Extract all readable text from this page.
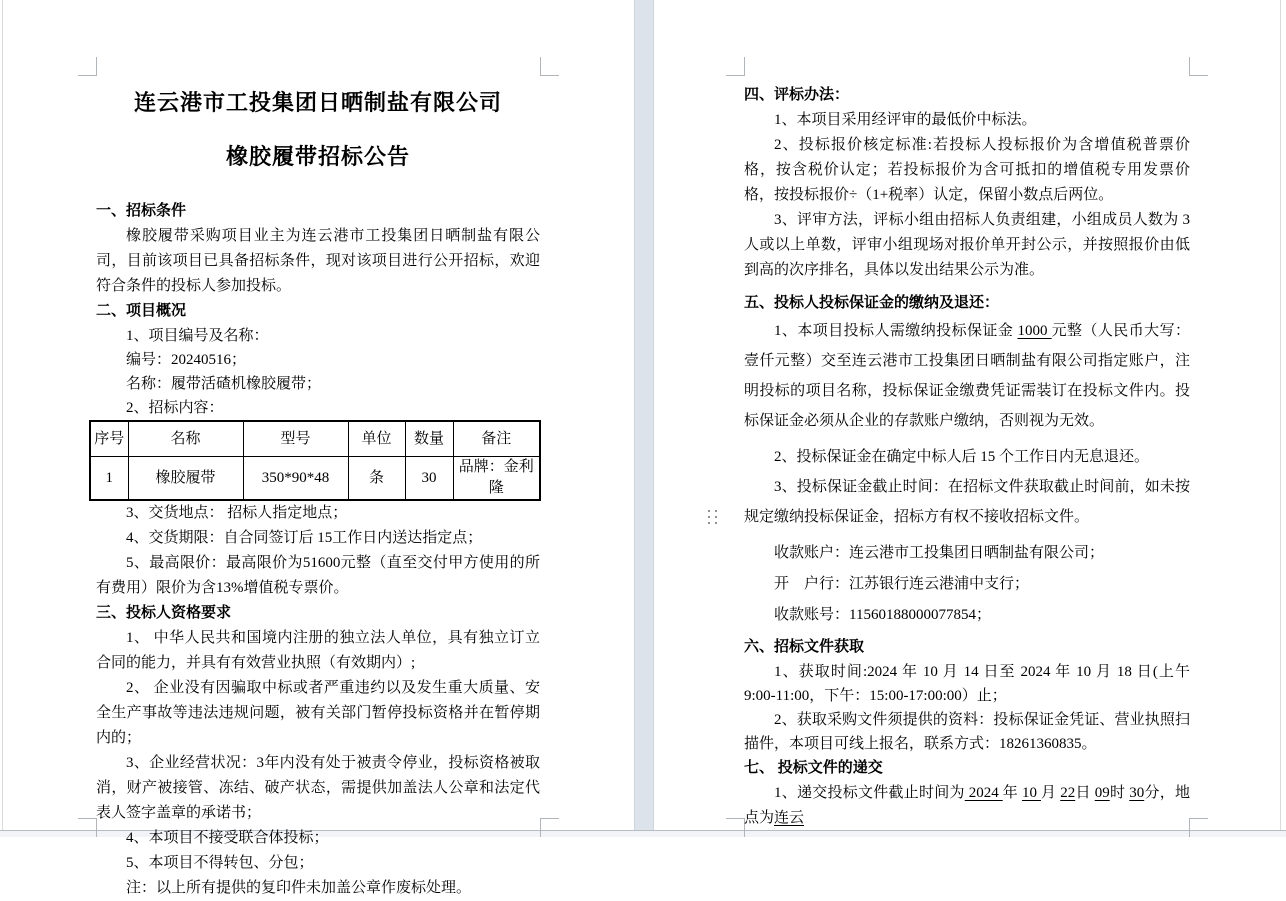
连云港市工投集团日晒制盐有限公司
橡胶履带招标公告

一、招标条件

橡胶履带采购项目业主为连云港市工投集团日晒制盐有限公司，目前该项目已具备招标条件，现对该项目进行公开招标，欢迎符合条件的投标人参加投标。

二、项目概况

1、项目编号及名称：

编号：20240516；

名称：履带活碴机橡胶履带；

2、招标内容：

序号	名称	型号	单位	数量	备注
1	橡胶履带	350*90*48	条	30	品牌：金利隆

3、交货地点： 招标人指定地点；

4、交货期限：自合同签订后 15工作日内送达指定点；

5、最高限价：最高限价为51600元整（直至交付甲方使用的所有费用）限价为含13%增值税专票价。

三、投标人资格要求

1、 中华人民共和国境内注册的独立法人单位，具有独立订立合同的能力，并具有有效营业执照（有效期内）;

2、 企业没有因骗取中标或者严重违约以及发生重大质量、安全生产事故等违法违规问题，被有关部门暂停投标资格并在暂停期内的；

3、企业经营状况：3年内没有处于被责令停业，投标资格被取消，财产被接管、冻结、破产状态，需提供加盖法人公章和法定代表人签字盖章的承诺书；

4、本项目不接受联合体投标；

5、本项目不得转包、分包；

注：以上所有提供的复印件未加盖公章作废标处理。

四、评标办法：

1、本项目采用经评审的最低价中标法。

2、投标报价核定标准:若投标人投标报价为含增值税普票价格，按含税价认定；若投标报价为含可抵扣的增值税专用发票价格，按投标报价÷（1+税率）认定，保留小数点后两位。

3、评审方法，评标小组由招标人负责组建，小组成员人数为 3 人或以上单数，评审小组现场对报价单开封公示，并按照报价由低到高的次序排名，具体以发出结果公示为准。

五、投标人投标保证金的缴纳及退还：

1、本项目投标人需缴纳投标保证金 1000 元整（人民币大写：壹仟元整）交至连云港市工投集团日晒制盐有限公司指定账户，注明投标的项目名称，投标保证金缴费凭证需装订在投标文件内。投标保证金必须从企业的存款账户缴纳，否则视为无效。

2、投标保证金在确定中标人后 15 个工作日内无息退还。

3、投标保证金截止时间：在招标文件获取截止时间前，如未按规定缴纳投标保证金，招标方有权不接收招标文件。

收款账户：连云港市工投集团日晒制盐有限公司；

开　户行：江苏银行连云港浦中支行；

收款账号：11560188000077854；

六、招标文件获取

1、获取时间:2024 年 10 月 14 日至 2024 年 10 月 18 日(上午 9:00-11:00，下午：15:00-17:00:00）止；

2、获取采购文件须提供的资料：投标保证金凭证、营业执照扫描件，本项目可线上报名，联系方式：18261360835。

七、 投标文件的递交

1、递交投标文件截止时间为 2024 年 10 月 22日 09时 30分，地点为连云
